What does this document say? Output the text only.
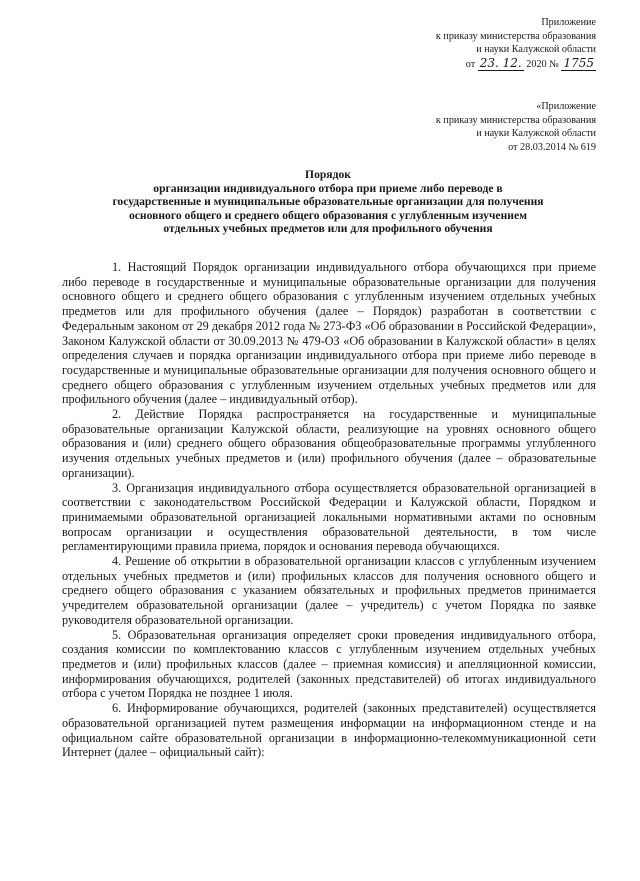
Приложение
к приказу министерства образования
и науки Калужской области
от 23. 12. 2020 № 1755
«Приложение
к приказу министерства образования
и науки Калужской области
от 28.03.2014 № 619
Порядок
организации индивидуального отбора при приеме либо переводе в
государственные и муниципальные образовательные организации для получения
основного общего и среднего общего образования с углубленным изучением
отдельных учебных предметов или для профильного обучения

1. Настоящий Порядок организации индивидуального отбора обучающихся при приеме либо переводе в государственные и муниципальные образовательные организации для получения основного общего и среднего общего образования с углубленным изучением отдельных учебных предметов или для профильного обучения (далее – Порядок) разработан в соответствии с Федеральным законом от 29 декабря 2012 года № 273-ФЗ «Об образовании в Российской Федерации», Законом Калужской области от 30.09.2013 № 479-ОЗ «Об образовании в Калужской области» в целях определения случаев и порядка организации индивидуального отбора при приеме либо переводе в государственные и муниципальные образовательные организации для получения основного общего и среднего общего образования с углубленным изучением отдельных учебных предметов или для профильного обучения (далее – индивидуальный отбор).

2. Действие Порядка распространяется на государственные и муниципальные образовательные организации Калужской области, реализующие на уровнях основного общего образования и (или) среднего общего образования общеобразовательные программы углубленного изучения отдельных учебных предметов и (или) профильного обучения (далее – образовательные организации).

3. Организация индивидуального отбора осуществляется образовательной организацией в соответствии с законодательством Российской Федерации и Калужской области, Порядком и принимаемыми образовательной организацией локальными нормативными актами по основным вопросам организации и осуществления образовательной деятельности, в том числе регламентирующими правила приема, порядок и основания перевода обучающихся.

4. Решение об открытии в образовательной организации классов с углубленным изучением отдельных учебных предметов и (или) профильных классов для получения основного общего и среднего общего образования с указанием обязательных и профильных предметов принимается учредителем образовательной организации (далее – учредитель) с учетом Порядка по заявке руководителя образовательной организации.

5. Образовательная организация определяет сроки проведения индивидуального отбора, создания комиссии по комплектованию классов с углубленным изучением отдельных учебных предметов и (или) профильных классов (далее – приемная комиссия) и апелляционной комиссии, информирования обучающихся, родителей (законных представителей) об итогах индивидуального отбора с учетом Порядка не позднее 1 июля.

6. Информирование обучающихся, родителей (законных представителей) осуществляется образовательной организацией путем размещения информации на информационном стенде и на официальном сайте образовательной организации в информационно-телекоммуникационной сети Интернет (далее – официальный сайт):
